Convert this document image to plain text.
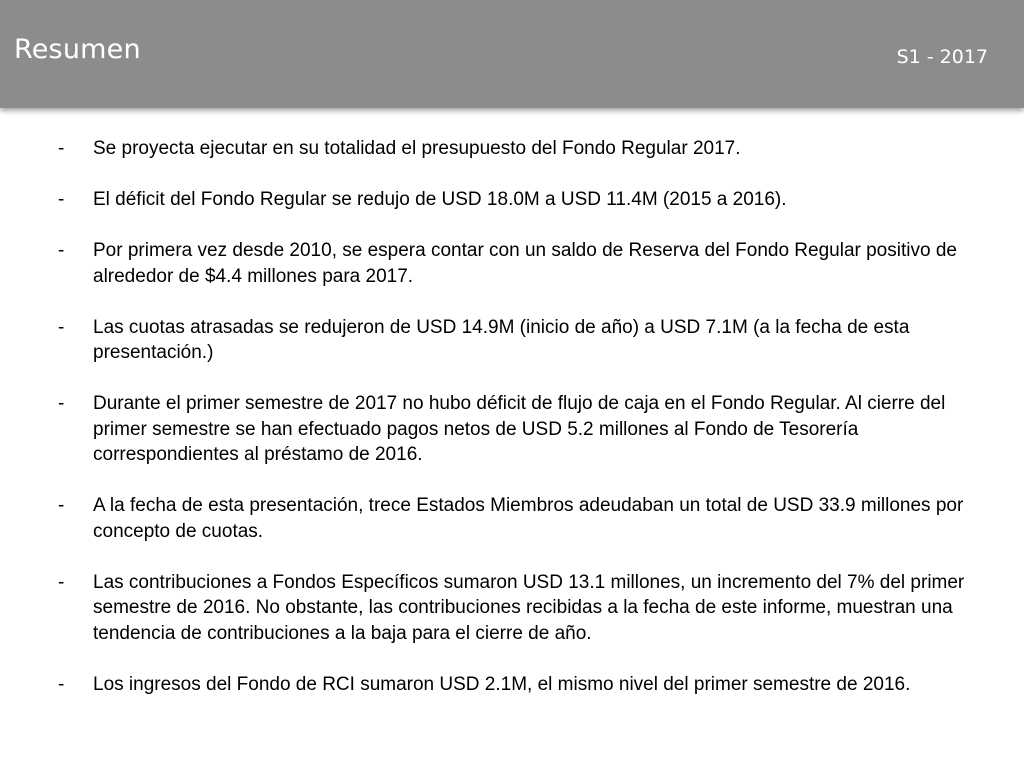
Resumen	S1 - 2017
-	Se proyecta ejecutar en su totalidad el presupuesto del Fondo Regular 2017.
-	El déficit del Fondo Regular se redujo de USD 18.0M a USD 11.4M (2015 a 2016).
-	Por primera vez desde 2010, se espera contar con un saldo de Reserva del Fondo Regular positivo de alrededor de $4.4 millones para 2017.
-	Las cuotas atrasadas se redujeron de USD 14.9M (inicio de año) a USD 7.1M (a la fecha de esta presentación.)
-	Durante el primer semestre de 2017 no hubo déficit de flujo de caja en el Fondo Regular. Al cierre del primer semestre se han efectuado pagos netos de USD 5.2 millones al Fondo de Tesorería correspondientes al préstamo de 2016.
-	A la fecha de esta presentación, trece Estados Miembros adeudaban un total de USD 33.9 millones por concepto de cuotas.
-	Las contribuciones a Fondos Específicos sumaron USD 13.1 millones, un incremento del 7% del primer semestre de 2016. No obstante, las contribuciones recibidas a la fecha de este informe, muestran una tendencia de contribuciones a la baja para el cierre de año.
-	Los ingresos del Fondo de RCI sumaron USD 2.1M, el mismo nivel del primer semestre de 2016.
